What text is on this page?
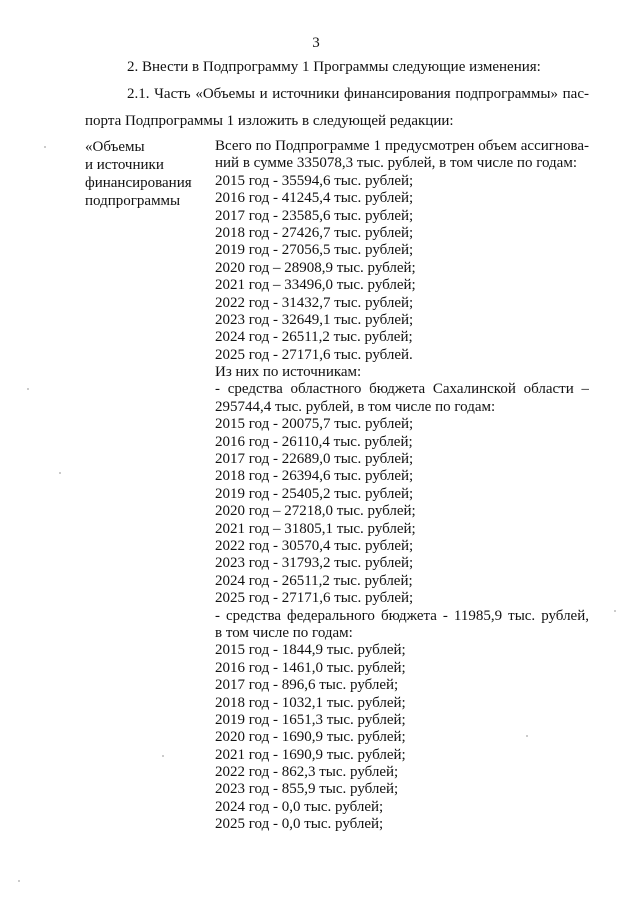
3
2. Внести в Подпрограмму 1 Программы следующие изменения:
2.1. Часть «Объемы и источники финансирования подпрограммы» пас-
порта Подпрограммы 1 изложить в следующей редакции:
«Объемы
и источники
финансирования
подпрограммы
Всего по Подпрограмме 1 предусмотрен объем ассигнова-
ний в сумме 335078,3 тыс. рублей, в том числе по годам:
2015 год - 35594,6 тыс. рублей;
2016 год - 41245,4 тыс. рублей;
2017 год - 23585,6 тыс. рублей;
2018 год - 27426,7 тыс. рублей;
2019 год - 27056,5 тыс. рублей;
2020 год – 28908,9 тыс. рублей;
2021 год – 33496,0 тыс. рублей;
2022 год - 31432,7 тыс. рублей;
2023 год - 32649,1 тыс. рублей;
2024 год - 26511,2 тыс. рублей;
2025 год - 27171,6 тыс. рублей.
Из них по источникам:
- средства областного бюджета Сахалинской области –
295744,4 тыс. рублей, в том числе по годам:
2015 год - 20075,7 тыс. рублей;
2016 год - 26110,4 тыс. рублей;
2017 год - 22689,0 тыс. рублей;
2018 год - 26394,6 тыс. рублей;
2019 год - 25405,2 тыс. рублей;
2020 год – 27218,0 тыс. рублей;
2021 год – 31805,1 тыс. рублей;
2022 год - 30570,4 тыс. рублей;
2023 год - 31793,2 тыс. рублей;
2024 год - 26511,2 тыс. рублей;
2025 год - 27171,6 тыс. рублей;
- средства федерального бюджета - 11985,9 тыс. рублей,
в том числе по годам:
2015 год - 1844,9 тыс. рублей;
2016 год - 1461,0 тыс. рублей;
2017 год - 896,6 тыс. рублей;
2018 год - 1032,1 тыс. рублей;
2019 год - 1651,3 тыс. рублей;
2020 год - 1690,9 тыс. рублей;
2021 год - 1690,9 тыс. рублей;
2022 год - 862,3 тыс. рублей;
2023 год - 855,9 тыс. рублей;
2024 год - 0,0 тыс. рублей;
2025 год - 0,0 тыс. рублей;
